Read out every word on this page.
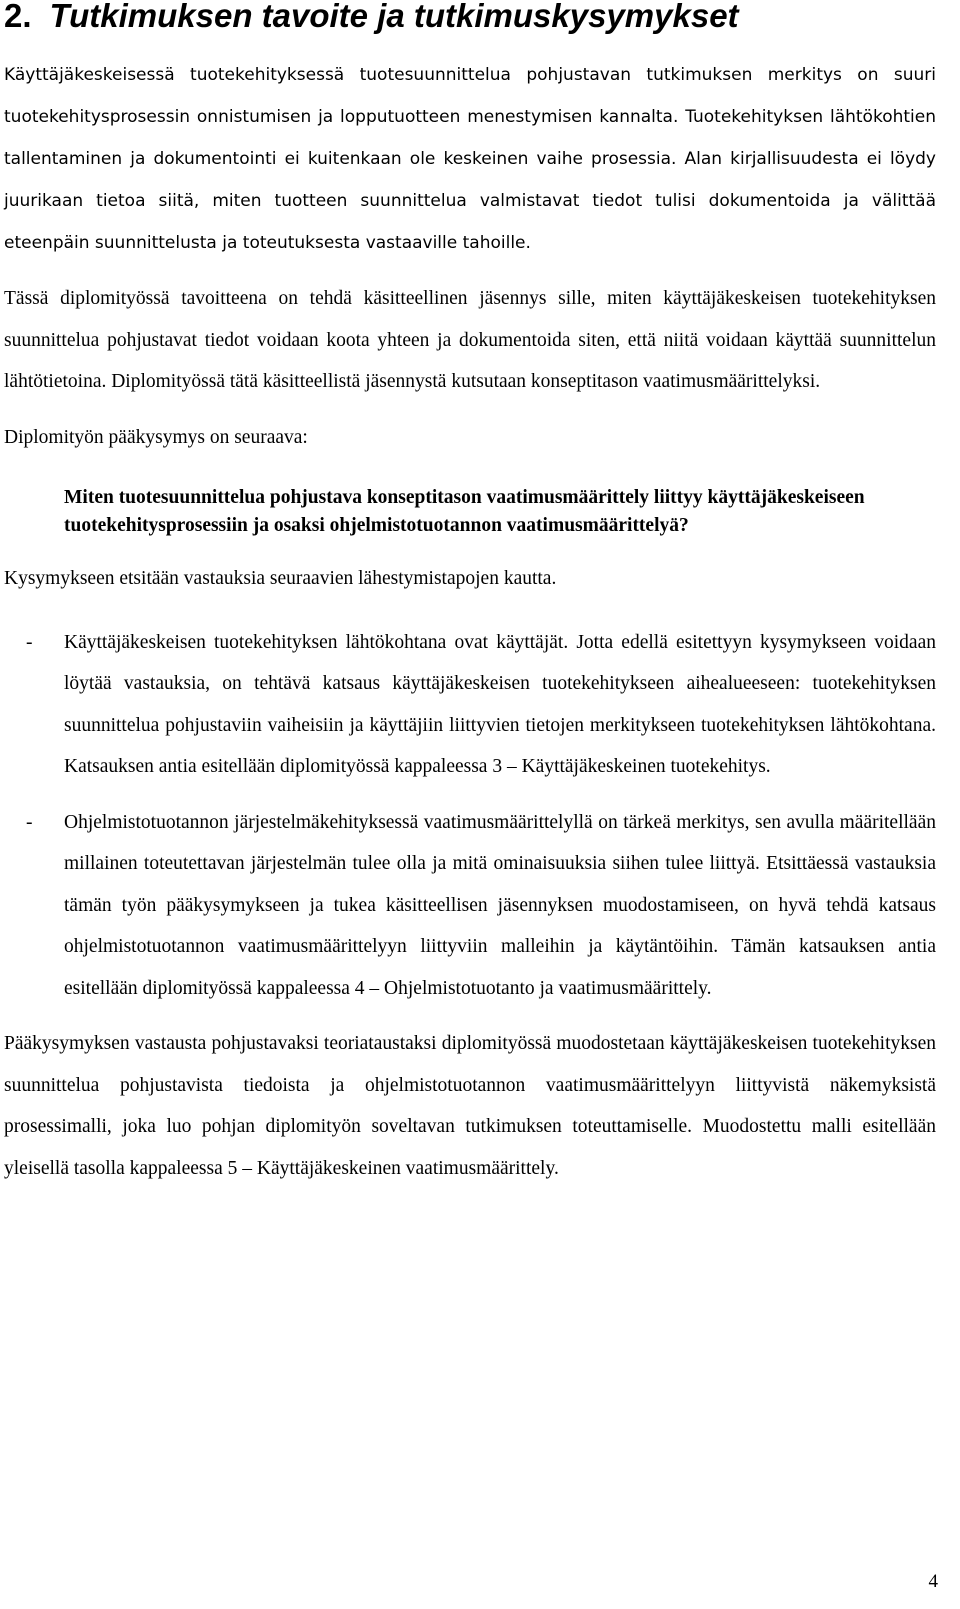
2. Tutkimuksen tavoite ja tutkimuskysymykset

Käyttäjäkeskeisessä tuotekehityksessä tuotesuunnittelua pohjustavan tutkimuksen merkitys on suuri tuotekehitysprosessin onnistumisen ja lopputuotteen menestymisen kannalta. Tuotekehityksen lähtökohtien tallentaminen ja dokumentointi ei kuitenkaan ole keskeinen vaihe prosessia. Alan kirjallisuudesta ei löydy juurikaan tietoa siitä, miten tuotteen suunnittelua valmistavat tiedot tulisi dokumentoida ja välittää eteenpäin suunnittelusta ja toteutuksesta vastaaville tahoille.

Tässä diplomityössä tavoitteena on tehdä käsitteellinen jäsennys sille, miten käyttäjäkeskeisen tuotekehityksen suunnittelua pohjustavat tiedot voidaan koota yhteen ja dokumentoida siten, että niitä voidaan käyttää suunnittelun lähtötietoina. Diplomityössä tätä käsitteellistä jäsennystä kutsutaan konseptitason vaatimusmäärittelyksi.

Diplomityön pääkysymys on seuraava:

Miten tuotesuunnittelua pohjustava konseptitason vaatimusmäärittely liittyy käyttäjäkeskeiseen tuotekehitysprosessiin ja osaksi ohjelmistotuotannon vaatimusmäärittelyä?

Kysymykseen etsitään vastauksia seuraavien lähestymistapojen kautta.

- Käyttäjäkeskeisen tuotekehityksen lähtökohtana ovat käyttäjät. Jotta edellä esitettyyn kysymykseen voidaan löytää vastauksia, on tehtävä katsaus käyttäjäkeskeisen tuotekehitykseen aihealueeseen: tuotekehityksen suunnittelua pohjustaviin vaiheisiin ja käyttäjiin liittyvien tietojen merkitykseen tuotekehityksen lähtökohtana. Katsauksen antia esitellään diplomityössä kappaleessa 3 – Käyttäjäkeskeinen tuotekehitys.
- Ohjelmistotuotannon järjestelmäkehityksessä vaatimusmäärittelyllä on tärkeä merkitys, sen avulla määritellään millainen toteutettavan järjestelmän tulee olla ja mitä ominaisuuksia siihen tulee liittyä. Etsittäessä vastauksia tämän työn pääkysymykseen ja tukea käsitteellisen jäsennyksen muodostamiseen, on hyvä tehdä katsaus ohjelmistotuotannon vaatimusmäärittelyyn liittyviin malleihin ja käytäntöihin. Tämän katsauksen antia esitellään diplomityössä kappaleessa 4 – Ohjelmistotuotanto ja vaatimusmäärittely.

Pääkysymyksen vastausta pohjustavaksi teoriataustaksi diplomityössä muodostetaan käyttäjäkeskeisen tuotekehityksen suunnittelua pohjustavista tiedoista ja ohjelmistotuotannon vaatimusmäärittelyyn liittyvistä näkemyksistä prosessimalli, joka luo pohjan diplomityön soveltavan tutkimuksen toteuttamiselle. Muodostettu malli esitellään yleisellä tasolla kappaleessa 5 – Käyttäjäkeskeinen vaatimusmäärittely.

4
